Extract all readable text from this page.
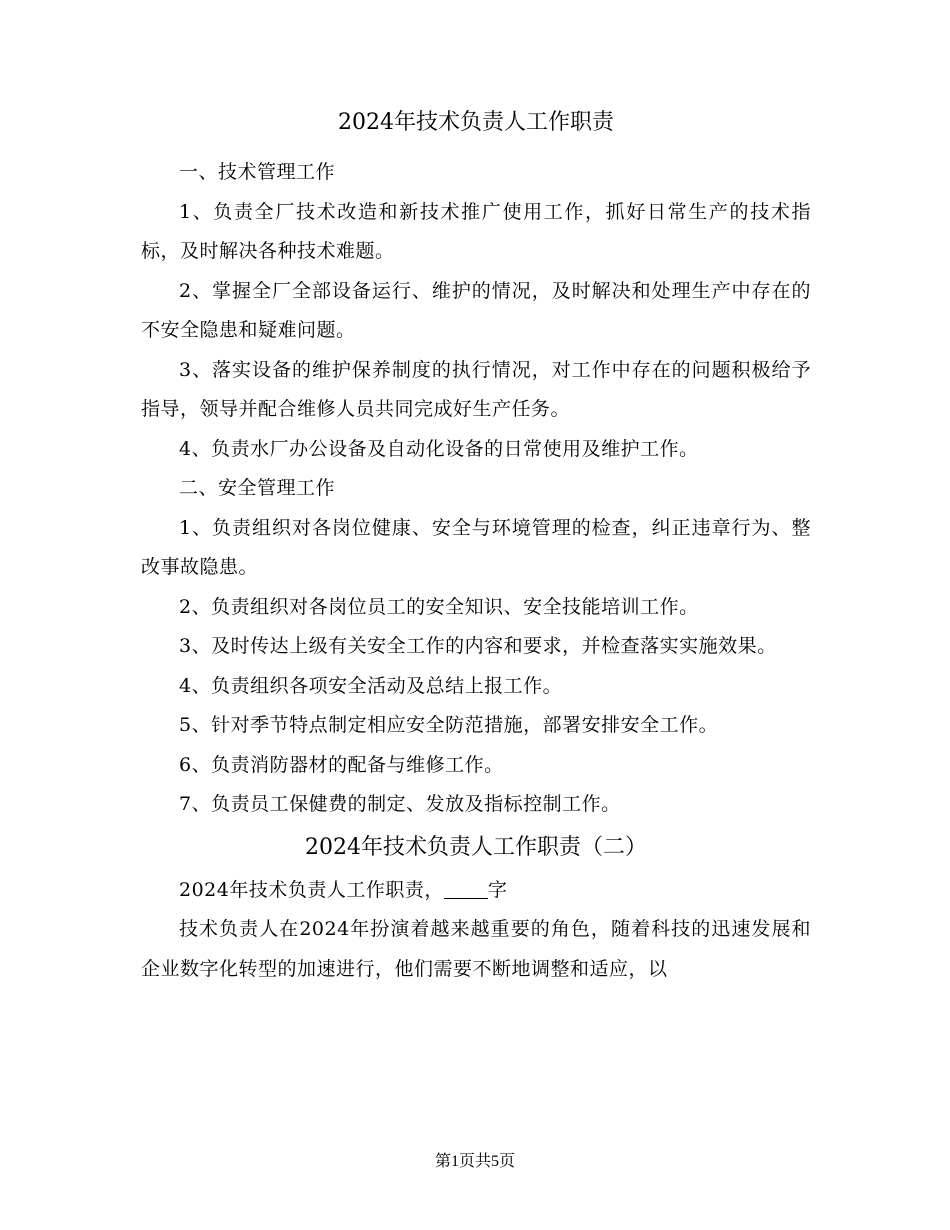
2024年技术负责人工作职责

一、技术管理工作

1、负责全厂技术改造和新技术推广使用工作，抓好日常生产的技术指标，及时解决各种技术难题。

2、掌握全厂全部设备运行、维护的情况，及时解决和处理生产中存在的不安全隐患和疑难问题。

3、落实设备的维护保养制度的执行情况，对工作中存在的问题积极给予指导，领导并配合维修人员共同完成好生产任务。

4、负责水厂办公设备及自动化设备的日常使用及维护工作。

二、安全管理工作

1、负责组织对各岗位健康、安全与环境管理的检查，纠正违章行为、整改事故隐患。

2、负责组织对各岗位员工的安全知识、安全技能培训工作。

3、及时传达上级有关安全工作的内容和要求，并检查落实实施效果。

4、负责组织各项安全活动及总结上报工作。

5、针对季节特点制定相应安全防范措施，部署安排安全工作。

6、负责消防器材的配备与维修工作。

7、负责员工保健费的制定、发放及指标控制工作。

2024年技术负责人工作职责（二）

2024年技术负责人工作职责， 字

技术负责人在2024年扮演着越来越重要的角色，随着科技的迅速发展和企业数字化转型的加速进行，他们需要不断地调整和适应，以

第1页共5页
